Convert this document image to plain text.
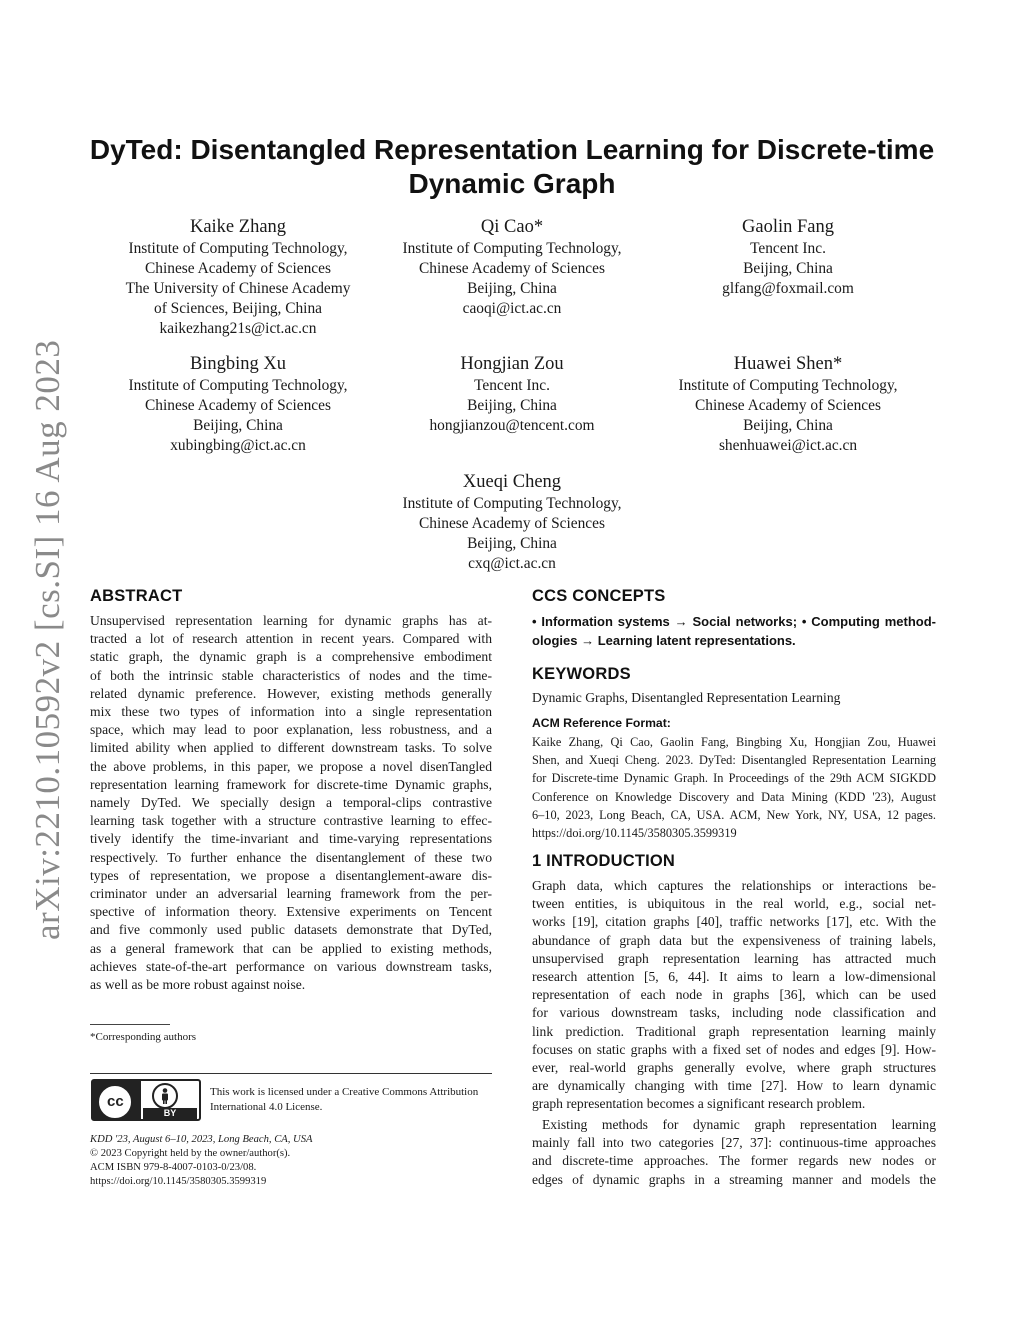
arXiv:2210.10592v2 [cs.SI] 16 Aug 2023
DyTed: Disentangled Representation Learning for Discrete-time
Dynamic Graph
Kaike Zhang
Institute of Computing Technology,
Chinese Academy of Sciences
The University of Chinese Academy
of Sciences, Beijing, China
kaikezhang21s@ict.ac.cn
Qi Cao*
Institute of Computing Technology,
Chinese Academy of Sciences
Beijing, China
caoqi@ict.ac.cn
Gaolin Fang
Tencent Inc.
Beijing, China
glfang@foxmail.com
Bingbing Xu
Institute of Computing Technology,
Chinese Academy of Sciences
Beijing, China
xubingbing@ict.ac.cn
Hongjian Zou
Tencent Inc.
Beijing, China
hongjianzou@tencent.com
Huawei Shen*
Institute of Computing Technology,
Chinese Academy of Sciences
Beijing, China
shenhuawei@ict.ac.cn
Xueqi Cheng
Institute of Computing Technology,
Chinese Academy of Sciences
Beijing, China
cxq@ict.ac.cn
ABSTRACT
Unsupervised representation learning for dynamic graphs has at-
tracted a lot of research attention in recent years. Compared with
static graph, the dynamic graph is a comprehensive embodiment
of both the intrinsic stable characteristics of nodes and the time-
related dynamic preference. However, existing methods generally
mix these two types of information into a single representation
space, which may lead to poor explanation, less robustness, and a
limited ability when applied to different downstream tasks. To solve
the above problems, in this paper, we propose a novel disenTangled
representation learning framework for discrete-time Dynamic graphs,
namely DyTed. We specially design a temporal-clips contrastive
learning task together with a structure contrastive learning to effec-
tively identify the time-invariant and time-varying representations
respectively. To further enhance the disentanglement of these two
types of representation, we propose a disentanglement-aware dis-
criminator under an adversarial learning framework from the per-
spective of information theory. Extensive experiments on Tencent
and five commonly used public datasets demonstrate that DyTed,
as a general framework that can be applied to existing methods,
achieves state-of-the-art performance on various downstream tasks,
as well as be more robust against noise.
*Corresponding authors
cc
BY
This work is licensed under a Creative Commons Attribution
International 4.0 License.
KDD '23, August 6–10, 2023, Long Beach, CA, USA
© 2023 Copyright held by the owner/author(s).
ACM ISBN 979-8-4007-0103-0/23/08.
https://doi.org/10.1145/3580305.3599319
CCS CONCEPTS
• Information systems → Social networks; • Computing method-
ologies → Learning latent representations.
KEYWORDS
Dynamic Graphs, Disentangled Representation Learning
ACM Reference Format:
Kaike Zhang, Qi Cao, Gaolin Fang, Bingbing Xu, Hongjian Zou, Huawei
Shen, and Xueqi Cheng. 2023. DyTed: Disentangled Representation Learning
for Discrete-time Dynamic Graph. In Proceedings of the 29th ACM SIGKDD
Conference on Knowledge Discovery and Data Mining (KDD '23), August
6–10, 2023, Long Beach, CA, USA. ACM, New York, NY, USA, 12 pages.
https://doi.org/10.1145/3580305.3599319
1 INTRODUCTION
Graph data, which captures the relationships or interactions be-
tween entities, is ubiquitous in the real world, e.g., social net-
works [19], citation graphs [40], traffic networks [17], etc. With the
abundance of graph data but the expensiveness of training labels,
unsupervised graph representation learning has attracted much
research attention [5, 6, 44]. It aims to learn a low-dimensional
representation of each node in graphs [36], which can be used
for various downstream tasks, including node classification and
link prediction. Traditional graph representation learning mainly
focuses on static graphs with a fixed set of nodes and edges [9]. How-
ever, real-world graphs generally evolve, where graph structures
are dynamically changing with time [27]. How to learn dynamic
graph representation becomes a significant research problem.
Existing methods for dynamic graph representation learning
mainly fall into two categories [27, 37]: continuous-time approaches
and discrete-time approaches. The former regards new nodes or
edges of dynamic graphs in a streaming manner and models the
